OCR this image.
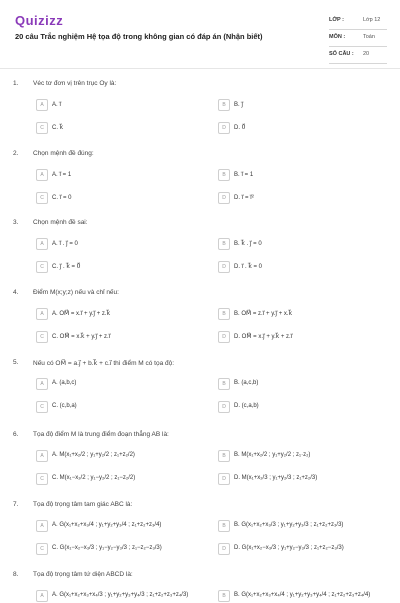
Quizizz
20 câu Trắc nghiệm Hệ tọa độ trong không gian có đáp án (Nhận biết)
LỚP :	Lớp 12
MÔN :	Toán
SỐ CÂU : 20
1. Véc tơ đơn vị trên trục Oy là:
A	A. i⃗	B	B. j⃗
C	C. k⃗	D	D. 0⃗
2. Chọn mệnh đề đúng:
A	A. i⃗ = 1	B	B. i⃗ = 1
C	C. i⃗ = 0	D	D. i⃗ = i⃗²
3. Chọn mệnh đề sai:
A	A. i⃗ . j⃗ = 0	B	B. k⃗ . j⃗ = 0
C	C. j⃗ . k⃗ = 0⃗	D	D. i⃗ . k⃗ = 0
4. Điểm M(x;y;z) nếu và chỉ nếu:
A	A. OM⃗ = x.i⃗ + y.j⃗ + z.k⃗	B	B. OM⃗ = z.i⃗ + y.j⃗ + x.k⃗
C	C. OM⃗ = x.k⃗ + y.j⃗ + z.i⃗	D	D. OM⃗ = x.j⃗ + y.k⃗ + z.i⃗
5. Nếu có OM⃗ = a.j⃗ + b.k⃗ + c.i⃗ thì điểm M có tọa độ:
A	A. (a,b,c)	B	B. (a,c,b)
C	C. (c,b,a)	D	D. (c,a,b)
6. Tọa độ điểm M là trung điểm đoạn thẳng AB là:
A	A. M(x₁+x₂/2 ; y₁+y₂/2 ; z₁+z₂/2)	B	B. M(x₁+x₂/2 ; y₁+y₂/2 ; z₁·z₂)
C	C. M(x₁−x₂/2 ; y₁−y₂/2 ; z₁−z₂/2)	D	D. M(x₁+x₂/3 ; y₁+y₂/3 ; z₁+z₂/3)
7. Tọa độ trọng tâm tam giác ABC là:
A	A. G(x₁+x₂+x₃/4 ; y₁+y₂+y₃/4 ; z₁+z₂+z₃/4)	B	B. G(x₁+x₂+x₃/3 ; y₁+y₂+y₃/3 ; z₁+z₂+z₃/3)
C	C. G(x₁−x₂−x₃/3 ; y₁−y₂−y₃/3 ; z₁−z₂−z₃/3)	D	D. G(x₁+x₂−x₃/3 ; y₁+y₂−y₃/3 ; z₁+z₂−z₃/3)
8. Tọa độ trọng tâm tứ diện ABCD là:
A	A. G(x₁+x₂+x₃+x₄/3 ; y₁+y₂+y₃+y₄/3 ; z₁+z₂+z₃+z₄/3)	B	B. G(x₁+x₂+x₃+x₄/4 ; y₁+y₂+y₃+y₄/4 ; z₁+z₂+z₃+z₄/4)
